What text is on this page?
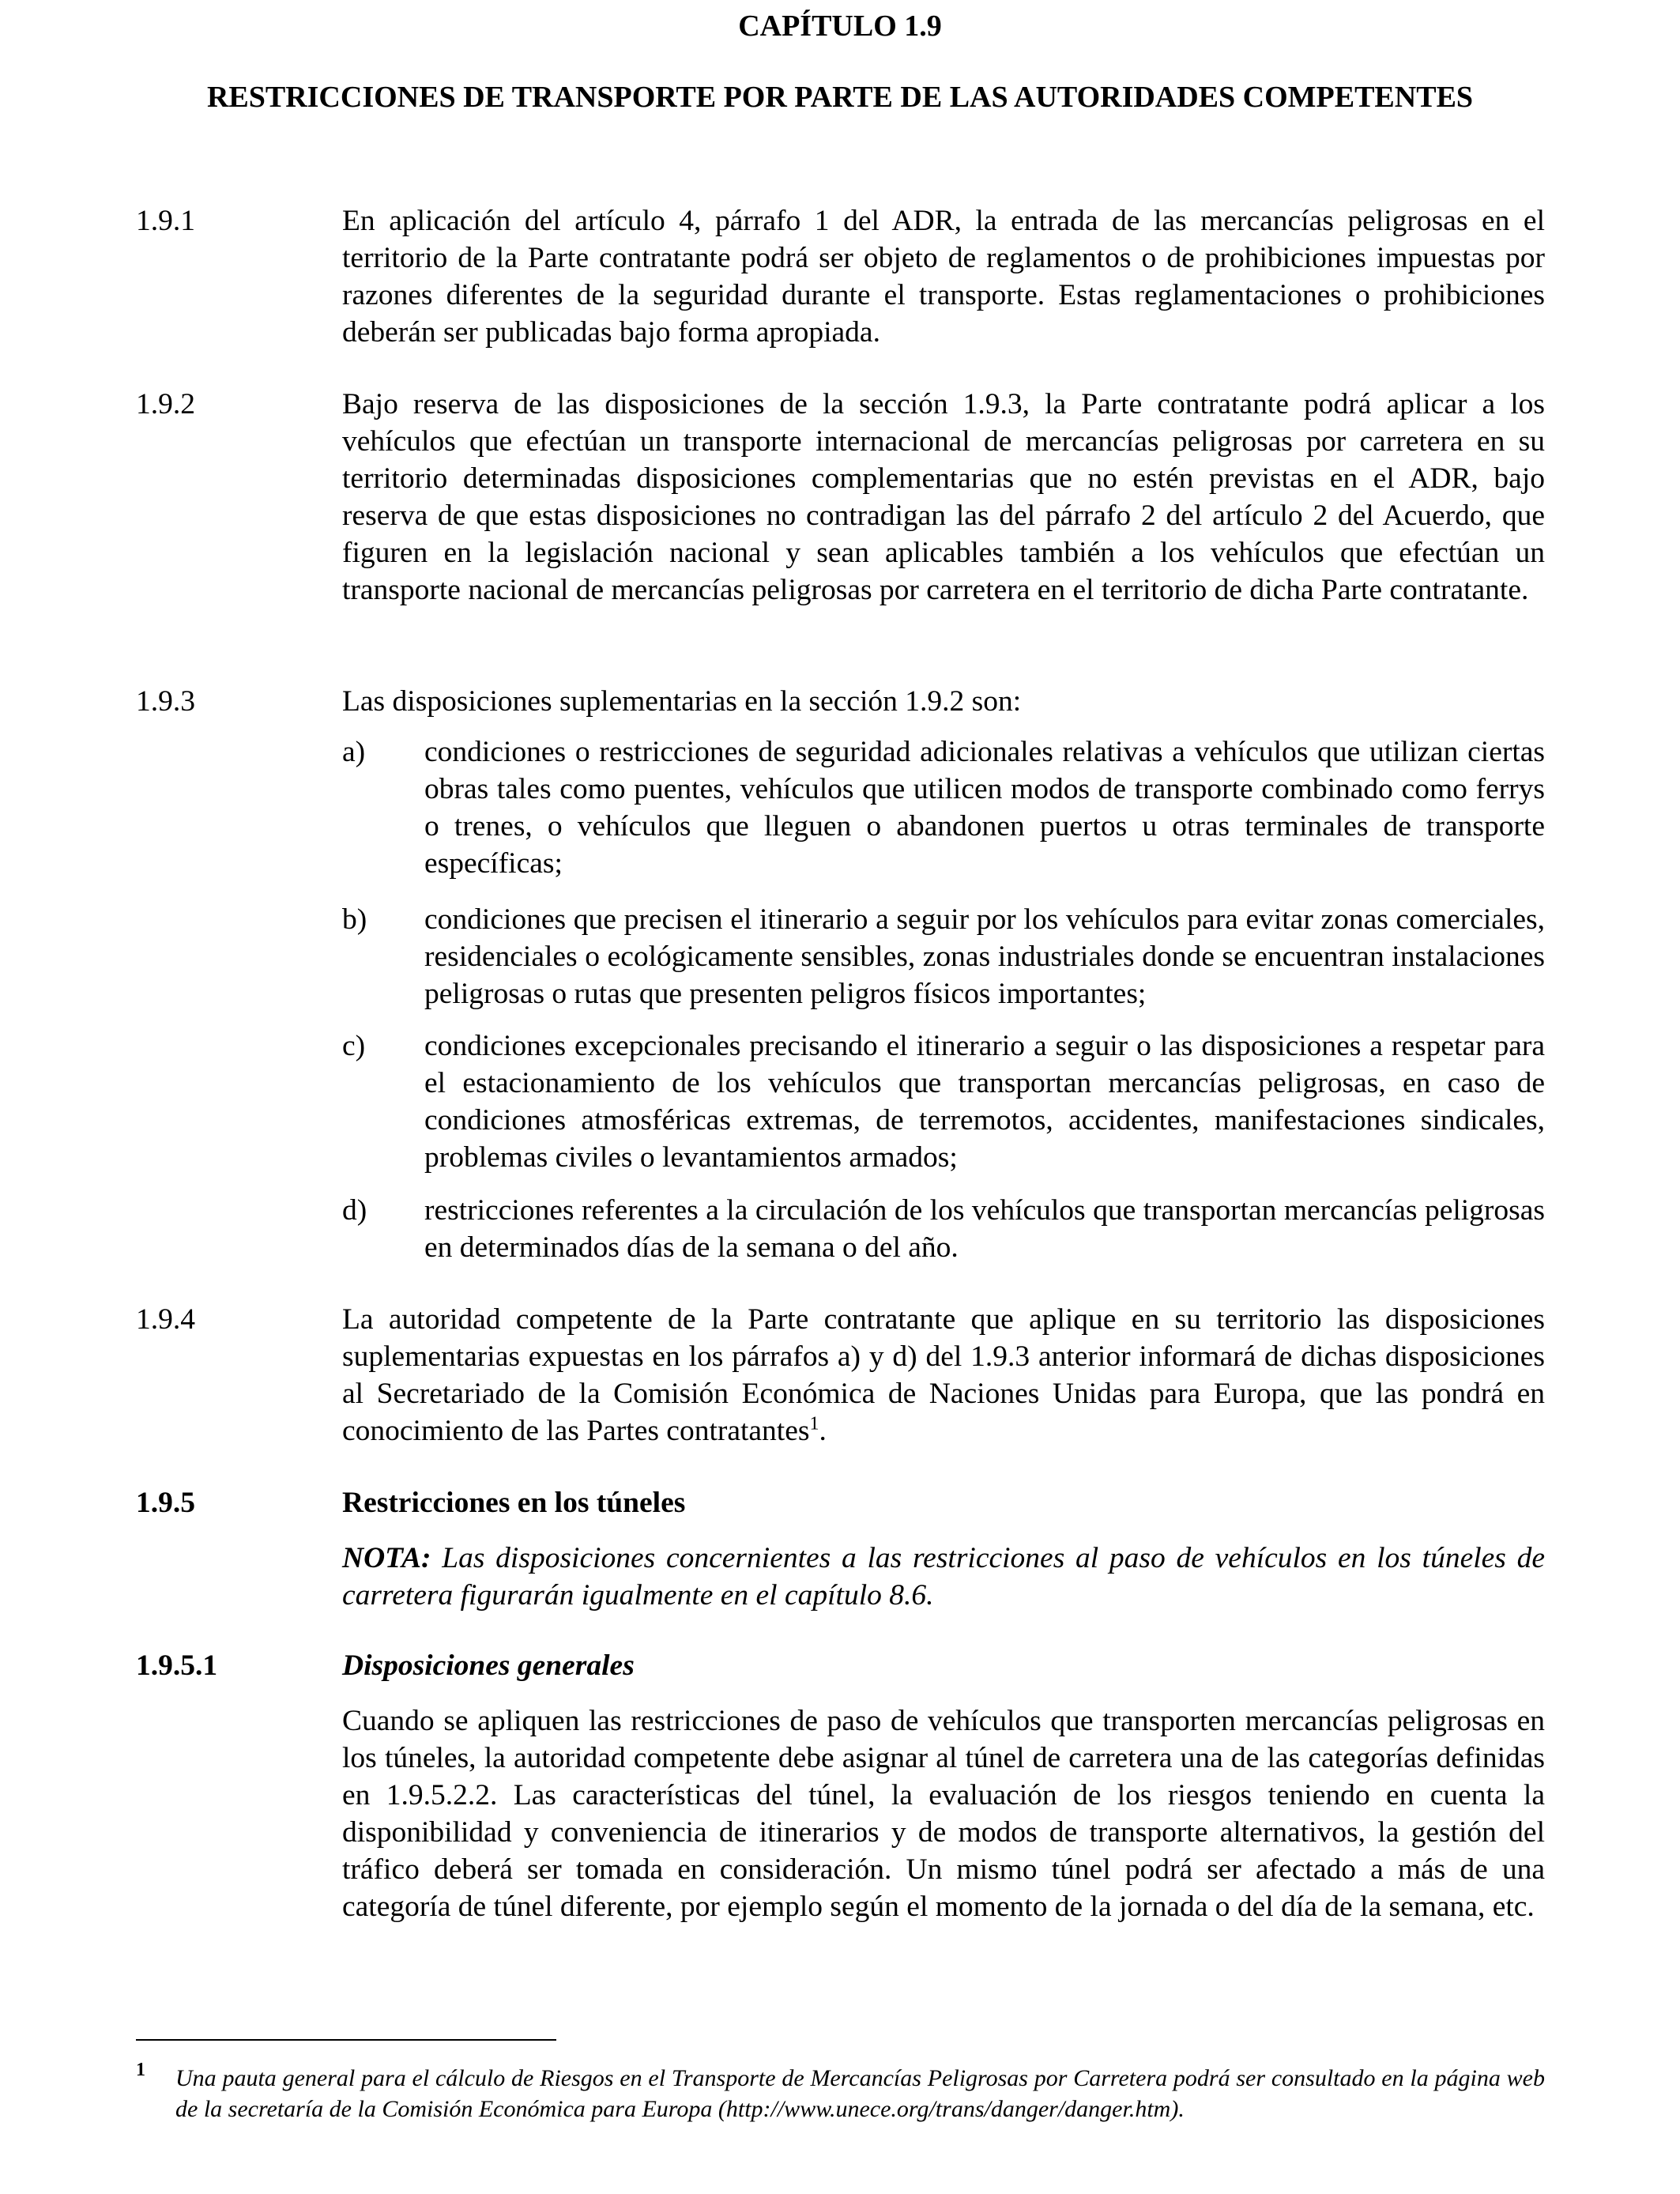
CAPÍTULO 1.9
RESTRICCIONES DE TRANSPORTE POR PARTE DE LAS AUTORIDADES COMPETENTES
1.9.1	En aplicación del artículo 4, párrafo 1 del ADR, la entrada de las mercancías peligrosas en el territorio de la Parte contratante podrá ser objeto de reglamentos o de prohibiciones impuestas por razones diferentes de la seguridad durante el transporte. Estas reglamentaciones o prohibiciones deberán ser publicadas bajo forma apropiada.
1.9.2	Bajo reserva de las disposiciones de la sección 1.9.3, la Parte contratante podrá aplicar a los vehículos que efectúan un transporte internacional de mercancías peligrosas por carretera en su territorio determinadas disposiciones complementarias que no estén previstas en el ADR, bajo reserva de que estas disposiciones no contradigan las del párrafo 2 del artículo 2 del Acuerdo, que figuren en la legislación nacional y sean aplicables también a los vehículos que efectúan un transporte nacional de mercancías peligrosas por carretera en el territorio de dicha Parte contratante.
1.9.3	Las disposiciones suplementarias en la sección 1.9.2 son:
a) condiciones o restricciones de seguridad adicionales relativas a vehículos que utilizan ciertas obras tales como puentes, vehículos que utilicen modos de transporte combinado como ferrys o trenes, o vehículos que lleguen o abandonen puertos u otras terminales de transporte específicas;
b) condiciones que precisen el itinerario a seguir por los vehículos para evitar zonas comerciales, residenciales o ecológicamente sensibles, zonas industriales donde se encuentran instalaciones peligrosas o rutas que presenten peligros físicos importantes;
c) condiciones excepcionales precisando el itinerario a seguir o las disposiciones a respetar para el estacionamiento de los vehículos que transportan mercancías peligrosas, en caso de condiciones atmosféricas extremas, de terremotos, accidentes, manifestaciones sindicales, problemas civiles o levantamientos armados;
d) restricciones referentes a la circulación de los vehículos que transportan mercancías peligrosas en determinados días de la semana o del año.
1.9.4	La autoridad competente de la Parte contratante que aplique en su territorio las disposiciones suplementarias expuestas en los párrafos a) y d) del 1.9.3 anterior informará de dichas disposiciones al Secretariado de la Comisión Económica de Naciones Unidas para Europa, que las pondrá en conocimiento de las Partes contratantes$^1$.
1.9.5	Restricciones en los túneles
NOTA: Las disposiciones concernientes a las restricciones al paso de vehículos en los túneles de carretera figurarán igualmente en el capítulo 8.6.
1.9.5.1	Disposiciones generales
Cuando se apliquen las restricciones de paso de vehículos que transporten mercancías peligrosas en los túneles, la autoridad competente debe asignar al túnel de carretera una de las categorías definidas en 1.9.5.2.2. Las características del túnel, la evaluación de los riesgos teniendo en cuenta la disponibilidad y conveniencia de itinerarios y de modos de transporte alternativos, la gestión del tráfico deberá ser tomada en consideración. Un mismo túnel podrá ser afectado a más de una categoría de túnel diferente, por ejemplo según el momento de la jornada o del día de la semana, etc.
1 Una pauta general para el cálculo de Riesgos en el Transporte de Mercancías Peligrosas por Carretera podrá ser consultado en la página web de la secretaría de la Comisión Económica para Europa (http://www.unece.org/trans/danger/danger.htm).
